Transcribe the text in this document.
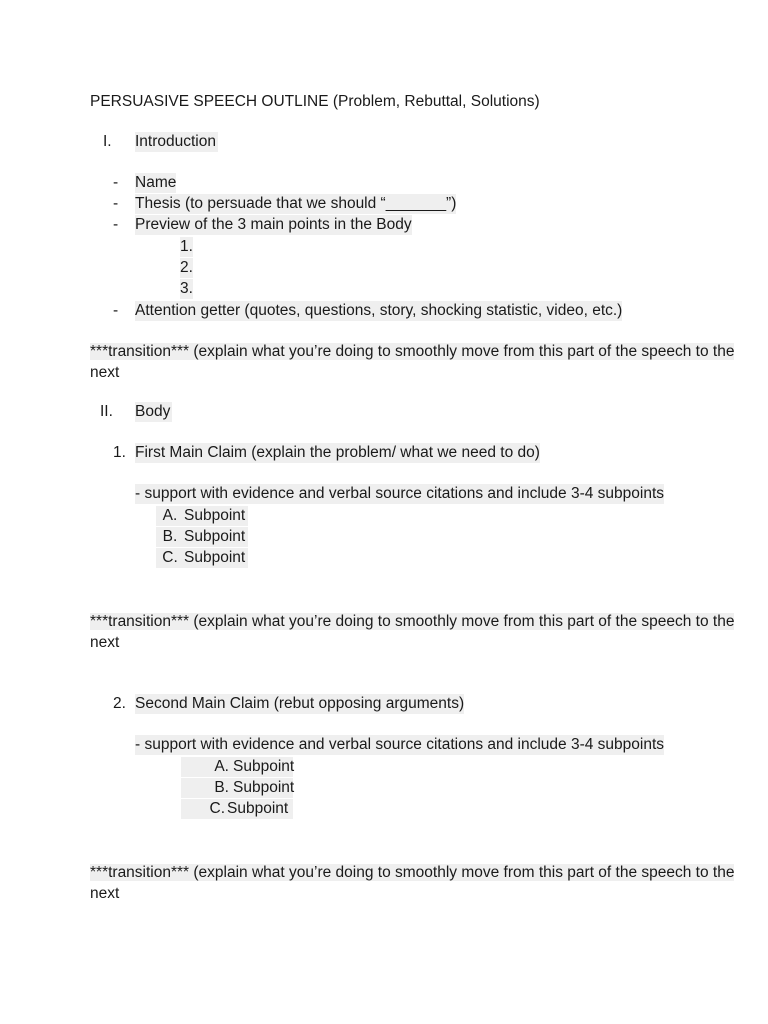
PERSUASIVE SPEECH OUTLINE (Problem, Rebuttal, Solutions)
I. Introduction
- Name
- Thesis (to persuade that we should “_______”)
- Preview of the 3 main points in the Body
1.
2.
3.
- Attention getter (quotes, questions, story, shocking statistic, video, etc.)
***transition*** (explain what you’re doing to smoothly move from this part of the speech to the
next
II. Body
1. First Main Claim (explain the problem/ what we need to do)
- support with evidence and verbal source citations and include 3-4 subpoints
A. Subpoint
B. Subpoint
C. Subpoint
***transition*** (explain what you’re doing to smoothly move from this part of the speech to the
next
2. Second Main Claim (rebut opposing arguments)
- support with evidence and verbal source citations and include 3-4 subpoints
A. Subpoint
B. Subpoint
C. Subpoint
***transition*** (explain what you’re doing to smoothly move from this part of the speech to the
next
